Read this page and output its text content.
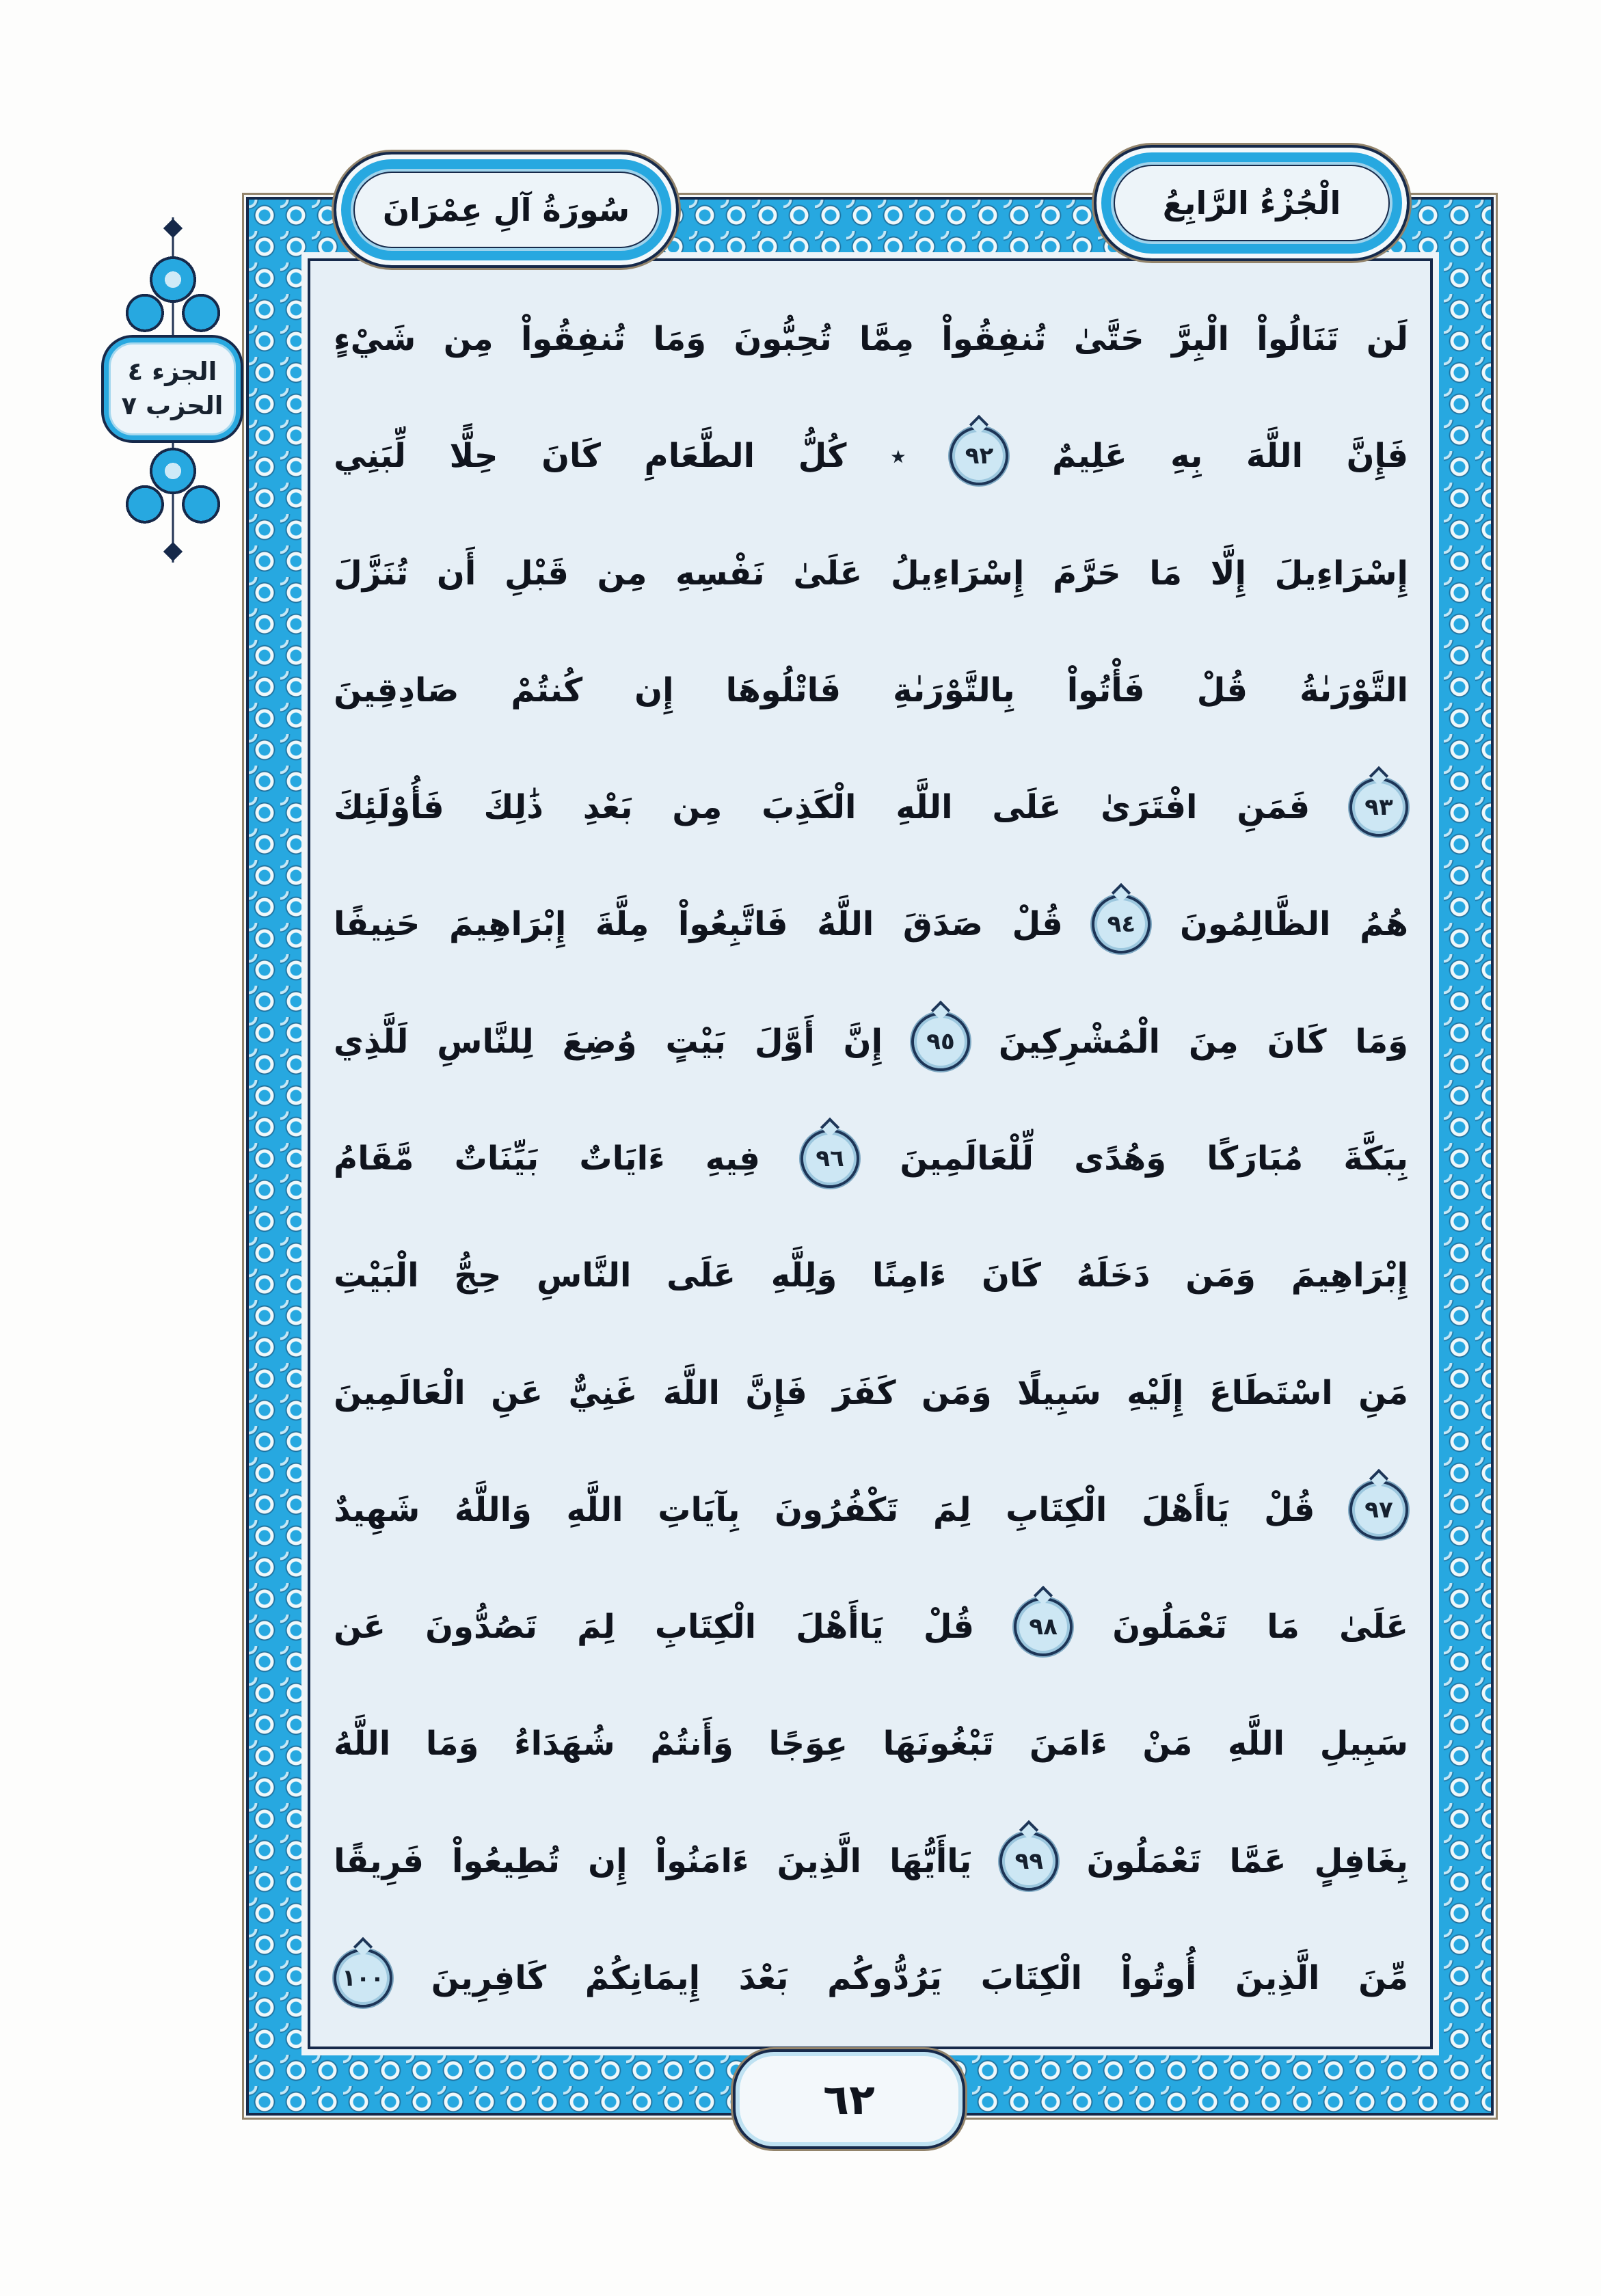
سُورَةُ آلِ عِمْرَانَ	الْجُزْءُ الرَّابِعُ
الجزء ٤
الحزب ٧
لَن
تَنَالُواْ
الْبِرَّ
حَتَّىٰ
تُنفِقُواْ
مِمَّا
تُحِبُّونَ
وَمَا
تُنفِقُواْ
مِن
شَيْءٍ
فَإِنَّ
اللَّهَ
بِهِ
عَلِيمٌ
٩٢
٭
كُلُّ
الطَّعَامِ
كَانَ
حِلًّا
لِّبَنِي
إِسْرَاءِيلَ
إِلَّا
مَا
حَرَّمَ
إِسْرَاءِيلُ
عَلَىٰ
نَفْسِهِ
مِن
قَبْلِ
أَن
تُنَزَّلَ
التَّوْرَىٰةُ
قُلْ
فَأْتُواْ
بِالتَّوْرَىٰةِ
فَاتْلُوهَا
إِن
كُنتُمْ
صَادِقِينَ
٩٣
فَمَنِ
افْتَرَىٰ
عَلَى
اللَّهِ
الْكَذِبَ
مِن
بَعْدِ
ذَٰلِكَ
فَأُوْلَئِكَ
هُمُ
الظَّالِمُونَ
٩٤
قُلْ
صَدَقَ
اللَّهُ
فَاتَّبِعُواْ
مِلَّةَ
إِبْرَاهِيمَ
حَنِيفًا
وَمَا
كَانَ
مِنَ
الْمُشْرِكِينَ
٩٥
إِنَّ
أَوَّلَ
بَيْتٍ
وُضِعَ
لِلنَّاسِ
لَلَّذِي
بِبَكَّةَ
مُبَارَكًا
وَهُدًى
لِّلْعَالَمِينَ
٩٦
فِيهِ
ءَايَاتٌ
بَيِّنَاتٌ
مَّقَامُ
إِبْرَاهِيمَ
وَمَن
دَخَلَهُ
كَانَ
ءَامِنًا
وَلِلَّهِ
عَلَى
النَّاسِ
حِجُّ
الْبَيْتِ
مَنِ
اسْتَطَاعَ
إِلَيْهِ
سَبِيلًا
وَمَن
كَفَرَ
فَإِنَّ
اللَّهَ
غَنِيٌّ
عَنِ
الْعَالَمِينَ
٩٧
قُلْ
يَاأَهْلَ
الْكِتَابِ
لِمَ
تَكْفُرُونَ
بِآيَاتِ
اللَّهِ
وَاللَّهُ
شَهِيدٌ
عَلَىٰ
مَا
تَعْمَلُونَ
٩٨
قُلْ
يَاأَهْلَ
الْكِتَابِ
لِمَ
تَصُدُّونَ
عَن
سَبِيلِ
اللَّهِ
مَنْ
ءَامَنَ
تَبْغُونَهَا
عِوَجًا
وَأَنتُمْ
شُهَدَاءُ
وَمَا
اللَّهُ
بِغَافِلٍ
عَمَّا
تَعْمَلُونَ
٩٩
يَاأَيُّهَا
الَّذِينَ
ءَامَنُواْ
إِن
تُطِيعُواْ
فَرِيقًا
مِّنَ
الَّذِينَ
أُوتُواْ
الْكِتَابَ
يَرُدُّوكُم
بَعْدَ
إِيمَانِكُمْ
كَافِرِينَ
١٠٠
٦٢
